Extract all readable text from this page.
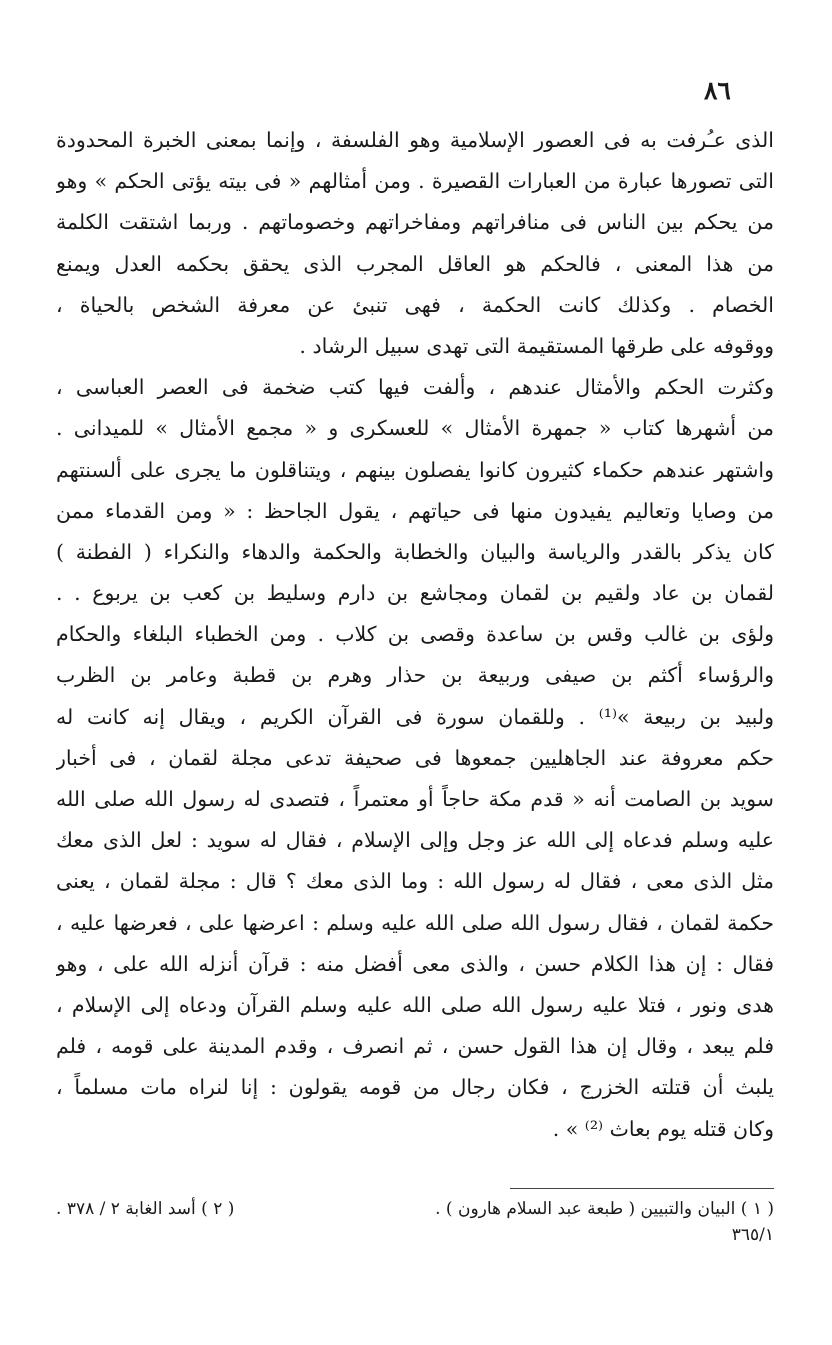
٨٦
الذى عـُرفت به فى العصور الإسلامية وهو الفلسفة ، وإنما بمعنى الخبرة المحدودة
التى تصورها عبارة من العبارات القصيرة . ومن أمثالهم « فى بيته يؤتى الحكم » وهو
من يحكم بين الناس فى منافراتهم ومفاخراتهم وخصوماتهم . وربما اشتقت الكلمة
من هذا المعنى ، فالحكم هو العاقل المجرب الذى يحقق بحكمه العدل ويمنع
الخصام . وكذلك كانت الحكمة ، فهى تنبئ عن معرفة الشخص بالحياة ،
ووقوفه على طرقها المستقيمة التى تهدى سبيل الرشاد .
وكثرت الحكم والأمثال عندهم ، وألفت فيها كتب ضخمة فى العصر العباسى ،
من أشهرها كتاب « جمهرة الأمثال » للعسكرى و « مجمع الأمثال » للميدانى .
واشتهر عندهم حكماء كثيرون كانوا يفصلون بينهم ، ويتناقلون ما يجرى على ألسنتهم
من وصايا وتعاليم يفيدون منها فى حياتهم ، يقول الجاحظ : « ومن القدماء ممن
كان يذكر بالقدر والرياسة والبيان والخطابة والحكمة والدهاء والنكراء ( الفطنة )
لقمان بن عاد ولقيم بن لقمان ومجاشع بن دارم وسليط بن كعب بن يربوع . .
ولؤى بن غالب وقس بن ساعدة وقصى بن كلاب . ومن الخطباء البلغاء والحكام
والرؤساء أكثم بن صيفى وربيعة بن حذار وهرم بن قطبة وعامر بن الظرب
ولبيد بن ربيعة »⁽¹⁾ . وللقمان سورة فى القرآن الكريم ، ويقال إنه كانت له
حكم معروفة عند الجاهليين جمعوها فى صحيفة تدعى مجلة لقمان ، فى أخبار
سويد بن الصامت أنه « قدم مكة حاجاً أو معتمراً ، فتصدى له رسول الله صلى الله
عليه وسلم فدعاه إلى الله عز وجل وإلى الإسلام ، فقال له سويد : لعل الذى معك
مثل الذى معى ، فقال له رسول الله : وما الذى معك ؟ قال : مجلة لقمان ، يعنى
حكمة لقمان ، فقال رسول الله صلى الله عليه وسلم : اعرضها على ، فعرضها عليه ،
فقال : إن هذا الكلام حسن ، والذى معى أفضل منه : قرآن أنزله الله على ، وهو
هدى ونور ، فتلا عليه رسول الله صلى الله عليه وسلم القرآن ودعاه إلى الإسلام ،
فلم يبعد ، وقال إن هذا القول حسن ، ثم انصرف ، وقدم المدينة على قومه ، فلم
يلبث أن قتلته الخزرج ، فكان رجال من قومه يقولون : إنا لنراه مات مسلماً ،
وكان قتله يوم بعاث ⁽²⁾ » .
( ١ ) البيان والتبيين ( طبعة عبد السلام هارون ) .
( ٢ ) أسد الغابة ٢ / ٣٧٨ .
٣٦٥/١
